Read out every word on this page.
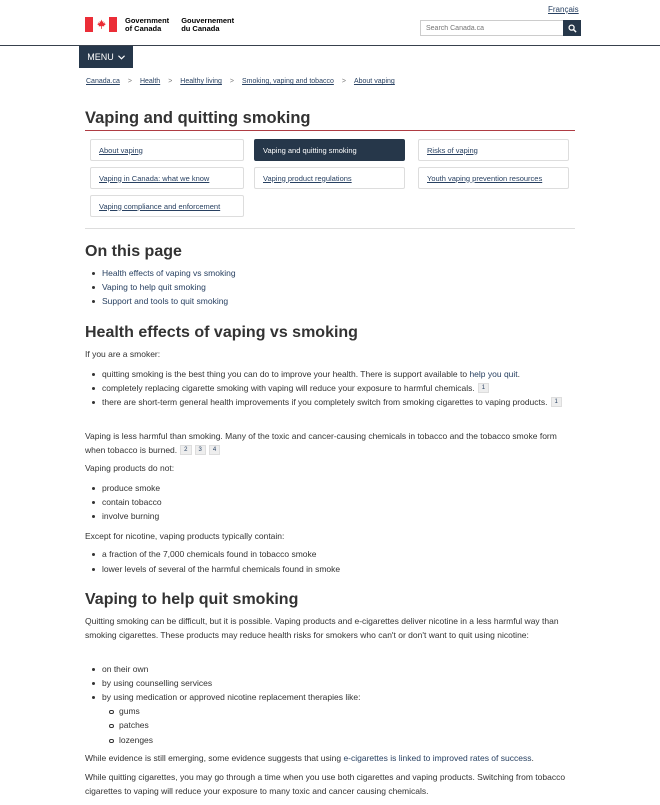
Français
Government
of Canada
Gouvernement
du Canada
Search Canada.ca
MENU
Canada.ca > Health > Healthy living > Smoking, vaping and tobacco > About vaping
Vaping and quitting smoking
About vaping	Vaping and quitting smoking	Risks of vaping
Vaping in Canada: what we know	Vaping product regulations	Youth vaping prevention resources
Vaping compliance and enforcement
On this page
Health effects of vaping vs smoking
Vaping to help quit smoking
Support and tools to quit smoking
Health effects of vaping vs smoking

If you are a smoker:

quitting smoking is the best thing you can do to improve your health. There is support available to help you quit.
completely replacing cigarette smoking with vaping will reduce your exposure to harmful chemicals. 1
there are short-term general health improvements if you completely switch from smoking cigarettes to vaping products. 1

Vaping is less harmful than smoking. Many of the toxic and cancer-causing chemicals in tobacco and the tobacco smoke form when tobacco is burned. 2 3 4

Vaping products do not:

produce smoke
contain tobacco
involve burning

Except for nicotine, vaping products typically contain:

a fraction of the 7,000 chemicals found in tobacco smoke
lower levels of several of the harmful chemicals found in smoke
Vaping to help quit smoking

Quitting smoking can be difficult, but it is possible. Vaping products and e-cigarettes deliver nicotine in a less harmful way than smoking cigarettes. These products may reduce health risks for smokers who can't or don't want to quit using nicotine:

on their own
by using counselling services
by using medication or approved nicotine replacement therapies like:
gums
patches
lozenges

While evidence is still emerging, some evidence suggests that using e-cigarettes is linked to improved rates of success.

While quitting cigarettes, you may go through a time when you use both cigarettes and vaping products. Switching from tobacco cigarettes to vaping will reduce your exposure to many toxic and cancer causing chemicals.
